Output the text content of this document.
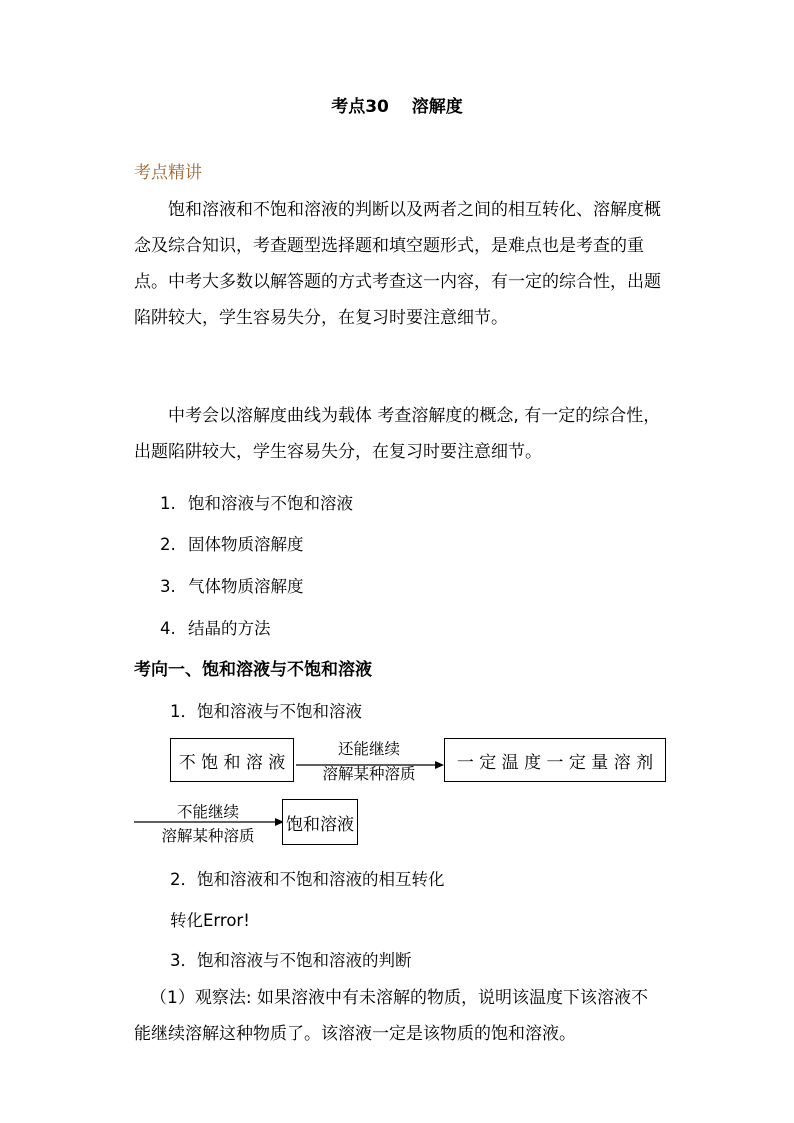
考点30　 溶解度
考点精讲

饱和溶液和不饱和溶液的判断以及两者之间的相互转化、溶解度概念及综合知识，考查题型选择题和填空题形式，是难点也是考查的重点。中考大多数以解答题的方式考查这一内容，有一定的综合性，出题陷阱较大，学生容易失分，在复习时要注意细节。

中考会以溶解度曲线为载体 考查溶解度的概念, 有一定的综合性，出题陷阱较大，学生容易失分，在复习时要注意细节。

1. 饱和溶液与不饱和溶液
2. 固体物质溶解度
3. 气体物质溶解度
4. 结晶的方法
考向一、饱和溶液与不饱和溶液
1．饱和溶液与不饱和溶液
不 饱 和 溶 液
还能继续
溶解某种溶质
一 定 温 度 一 定 量 溶 剂
不能继续
溶解某种溶质
饱和溶液
2．饱和溶液和不饱和溶液的相互转化
转化Error!
3．饱和溶液与不饱和溶液的判断

（1）观察法: 如果溶液中有未溶解的物质，说明该温度下该溶液不能继续溶解这种物质了。该溶液一定是该物质的饱和溶液。
